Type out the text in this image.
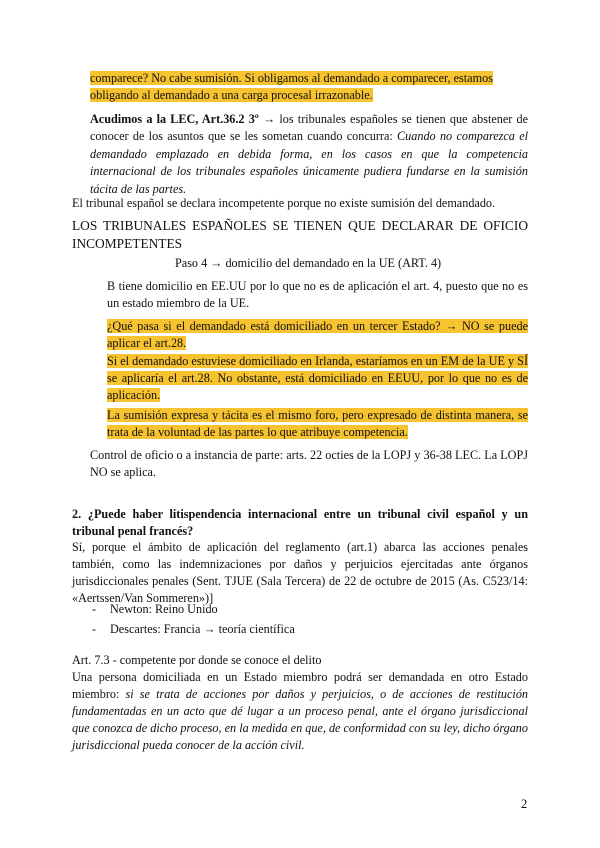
comparece? No cabe sumisión. Si obligamos al demandado a comparecer, estamos
obligando al demandado a una carga procesal irrazonable.
Acudimos a la LEC, Art.36.2 3º → los tribunales españoles se tienen que abstener de conocer de los asuntos que se les sometan cuando concurra: Cuando no comparezca el demandado emplazado en debida forma, en los casos en que la competencia internacional de los tribunales españoles únicamente pudiera fundarse en la sumisión tácita de las partes.
El tribunal español se declara incompetente porque no existe sumisión del demandado.
LOS TRIBUNALES ESPAÑOLES SE TIENEN QUE DECLARAR DE OFICIO INCOMPETENTES
Paso 4 → domicilio del demandado en la UE (ART. 4)
B tiene domicilio en EE.UU por lo que no es de aplicación el art. 4, puesto que no es un estado miembro de la UE.
¿Qué pasa si el demandado está domiciliado en un tercer Estado? → NO se puede aplicar el art.28.
Si el demandado estuviese domiciliado en Irlanda, estaríamos en un EM de la UE y SÍ se aplicaría el art.28. No obstante, está domiciliado en EEUU, por lo que no es de aplicación.
La sumisión expresa y tácita es el mismo foro, pero expresado de distinta manera, se trata de la voluntad de las partes lo que atribuye competencia.
Control de oficio o a instancia de parte: arts. 22 octies de la LOPJ y 36-38 LEC. La LOPJ NO se aplica.
2. ¿Puede haber litispendencia internacional entre un tribunal civil español y un tribunal penal francés?
Sí, porque el ámbito de aplicación del reglamento (art.1) abarca las acciones penales también, como las indemnizaciones por daños y perjuicios ejercitadas ante órganos jurisdiccionales penales (Sent. TJUE (Sala Tercera) de 22 de octubre de 2015 (As. C523/14: «Aertssen/Van Sommeren»)]
- Newton: Reino Unido
- Descartes: Francia → teoría científica
Art. 7.3 - competente por donde se conoce el delito
Una persona domiciliada en un Estado miembro podrá ser demandada en otro Estado miembro: si se trata de acciones por daños y perjuicios, o de acciones de restitución fundamentadas en un acto que dé lugar a un proceso penal, ante el órgano jurisdiccional que conozca de dicho proceso, en la medida en que, de conformidad con su ley, dicho órgano jurisdiccional pueda conocer de la acción civil.
2
